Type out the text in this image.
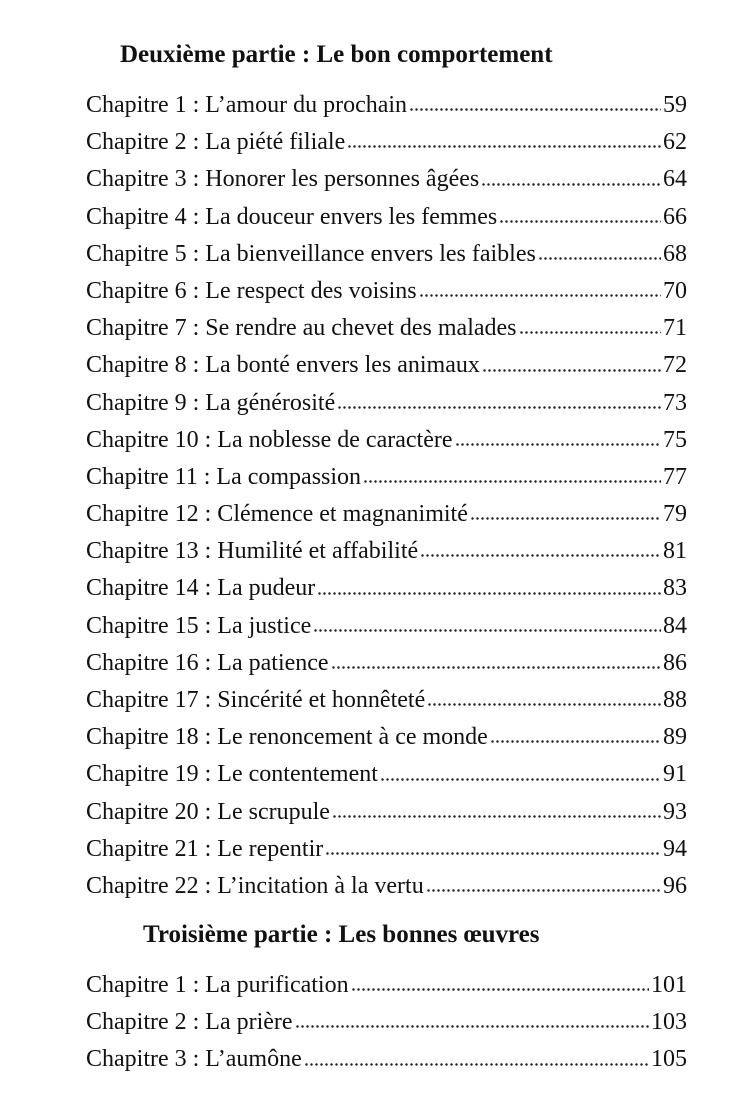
Deuxième partie : Le bon comportement
Chapitre 1 : L’amour du prochain	59
Chapitre 2 : La piété filiale	62
Chapitre 3 : Honorer les personnes âgées	64
Chapitre 4 : La douceur envers les femmes	66
Chapitre 5 : La bienveillance envers les faibles	68
Chapitre 6 : Le respect des voisins	70
Chapitre 7 : Se rendre au chevet des malades	71
Chapitre 8 : La bonté envers les animaux	72
Chapitre 9 : La générosité	73
Chapitre 10 : La noblesse de caractère	75
Chapitre 11 : La compassion	77
Chapitre 12 : Clémence et magnanimité	79
Chapitre 13 : Humilité et affabilité	81
Chapitre 14 : La pudeur	83
Chapitre 15 : La justice	84
Chapitre 16 : La patience	86
Chapitre 17 : Sincérité et honnêteté	88
Chapitre 18 : Le renoncement à ce monde	89
Chapitre 19 : Le contentement	91
Chapitre 20 : Le scrupule	93
Chapitre 21 : Le repentir	94
Chapitre 22 : L’incitation à la vertu	96
Troisième partie : Les bonnes œuvres
Chapitre 1 : La purification	101
Chapitre 2 : La prière	103
Chapitre 3 : L’aumône	105
